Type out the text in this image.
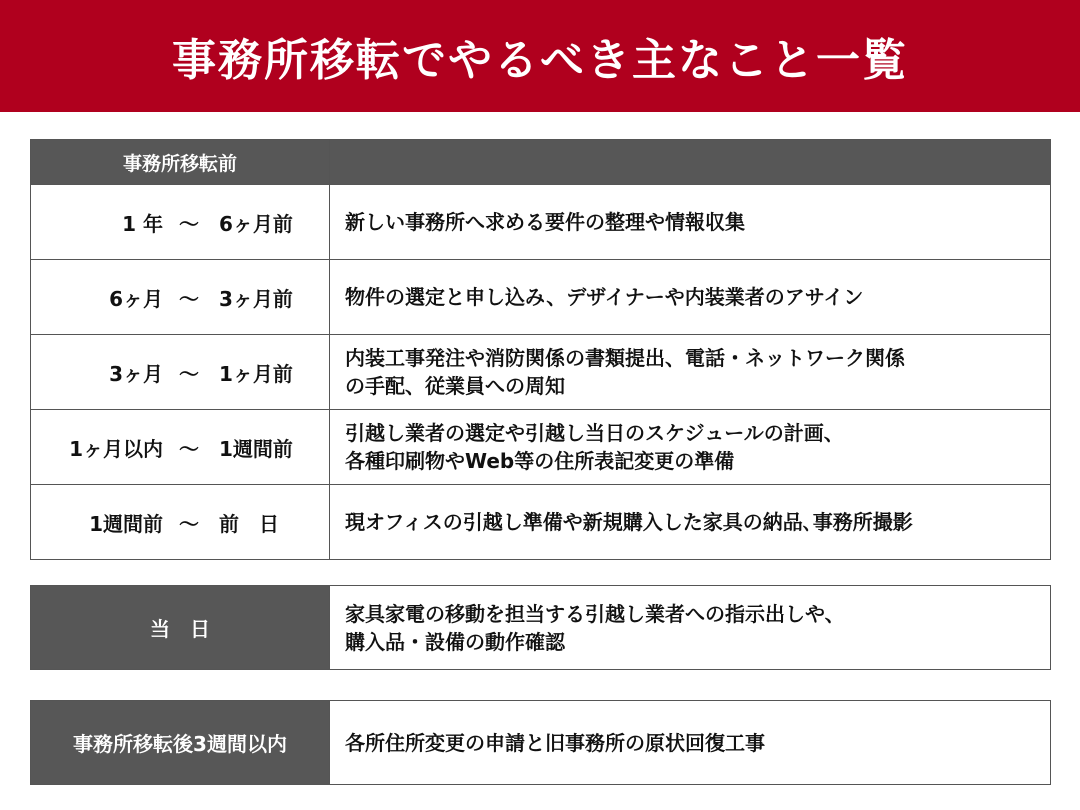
事務所移転でやるべき主なこと一覧
事務所移転前	

1 年 ～ 6ヶ月前	新しい事務所へ求める要件の整理や情報収集

6ヶ月 ～ 3ヶ月前	物件の選定と申し込み、デザイナーや内装業者のアサイン

3ヶ月 ～ 1ヶ月前	内装工事発注や消防関係の書類提出、電話・ネットワーク関係
の手配、従業員への周知

1ヶ月以内 ～ 1週間前	引越し業者の選定や引越し当日のスケジュールの計画、
各種印刷物やWeb等の住所表記変更の準備

1週間前 ～ 前　日	現オフィスの引越し準備や新規購入した家具の納品､事務所撮影
当　日	家具家電の移動を担当する引越し業者への指示出しや、
購入品・設備の動作確認
事務所移転後3週間以内	各所住所変更の申請と旧事務所の原状回復工事
